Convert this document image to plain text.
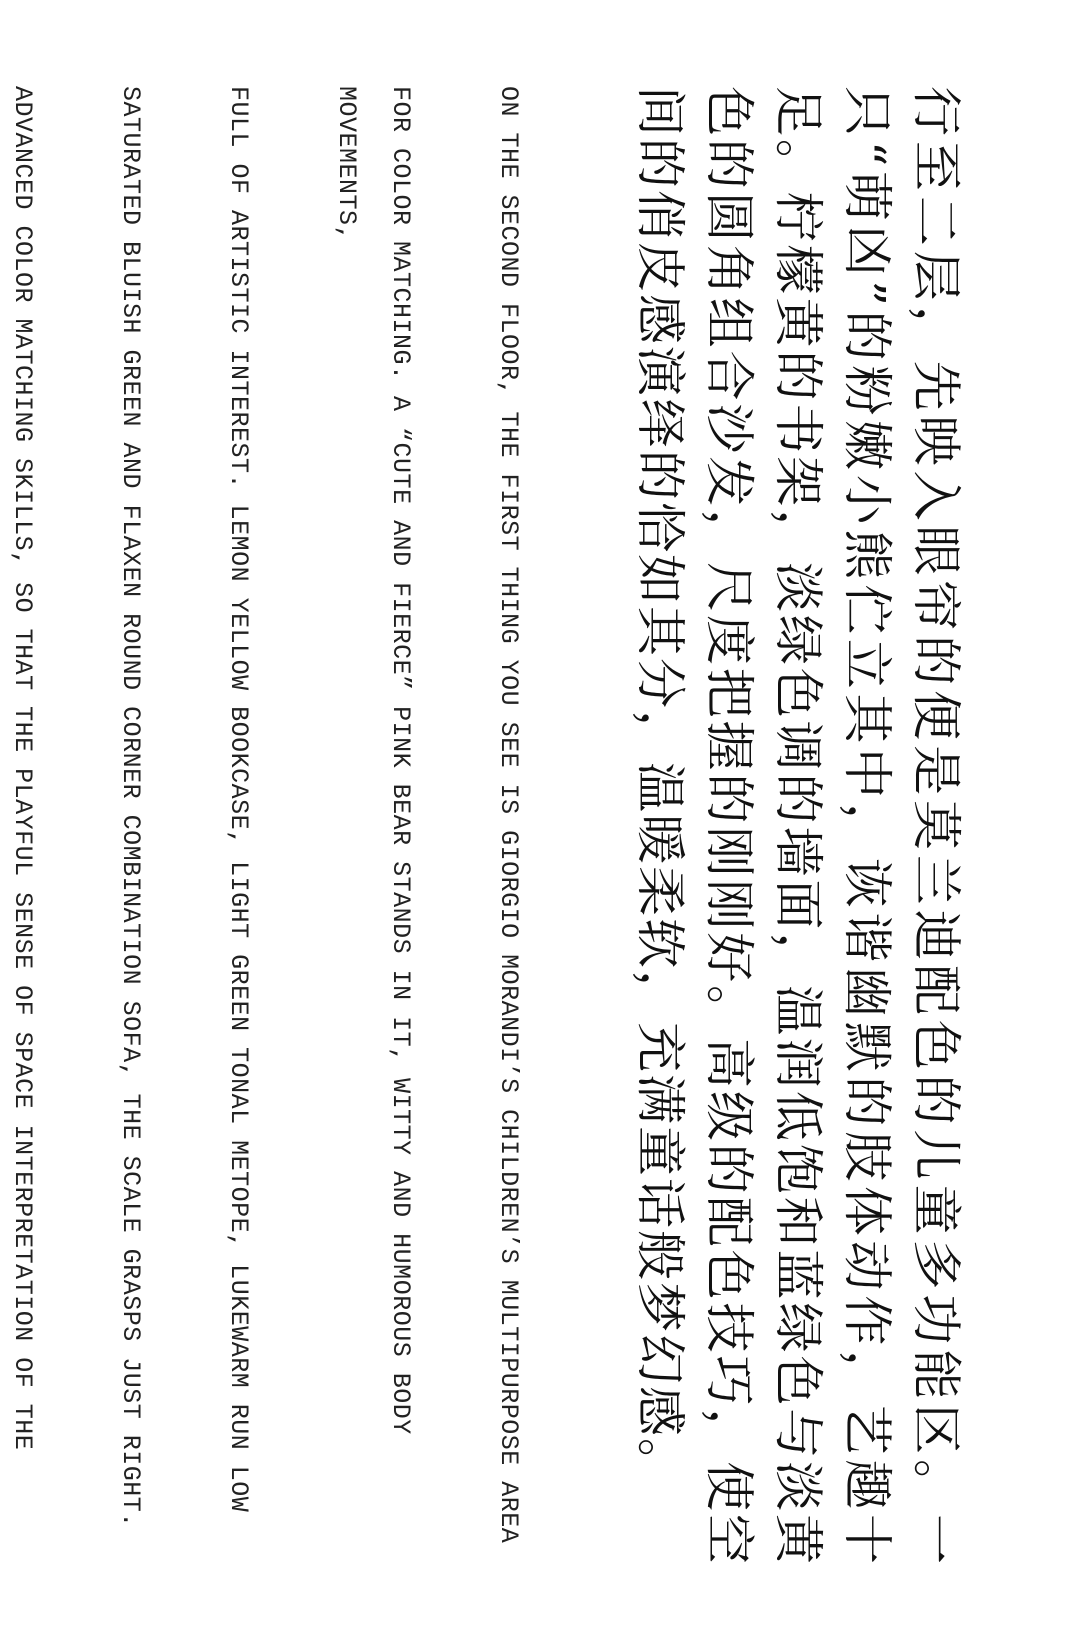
行至二层，先映入眼帘的便是莫兰迪配色的儿童多功能区。一只“萌凶”的粉嫩小熊伫立其中，诙谐幽默的肢体动作，艺趣十足。柠檬黄的书架，淡绿色调的墙面，温润低饱和蓝绿色与淡黄色的圆角组合沙发，尺度把握的刚刚好。高级的配色技巧，使空间的俏皮感演绎的恰如其分，温暖柔软，充满童话般梦幻感。

ON THE SECOND FLOOR, THE FIRST THING YOU SEE IS GIORGIO MORANDI’S CHILDREN’S MULTIPURPOSE AREA

FOR COLOR MATCHING. A “CUTE AND FIERCE” PINK BEAR STANDS IN IT, WITTY AND HUMOROUS BODY MOVEMENTS,

FULL OF ARTISTIC INTEREST. LEMON YELLOW BOOKCASE, LIGHT GREEN TONAL METOPE, LUKEWARM RUN LOW

SATURATED BLUISH GREEN AND FLAXEN ROUND CORNER COMBINATION SOFA, THE SCALE GRASPS JUST RIGHT.

ADVANCED COLOR MATCHING SKILLS, SO THAT THE PLAYFUL SENSE OF SPACE INTERPRETATION OF THE
